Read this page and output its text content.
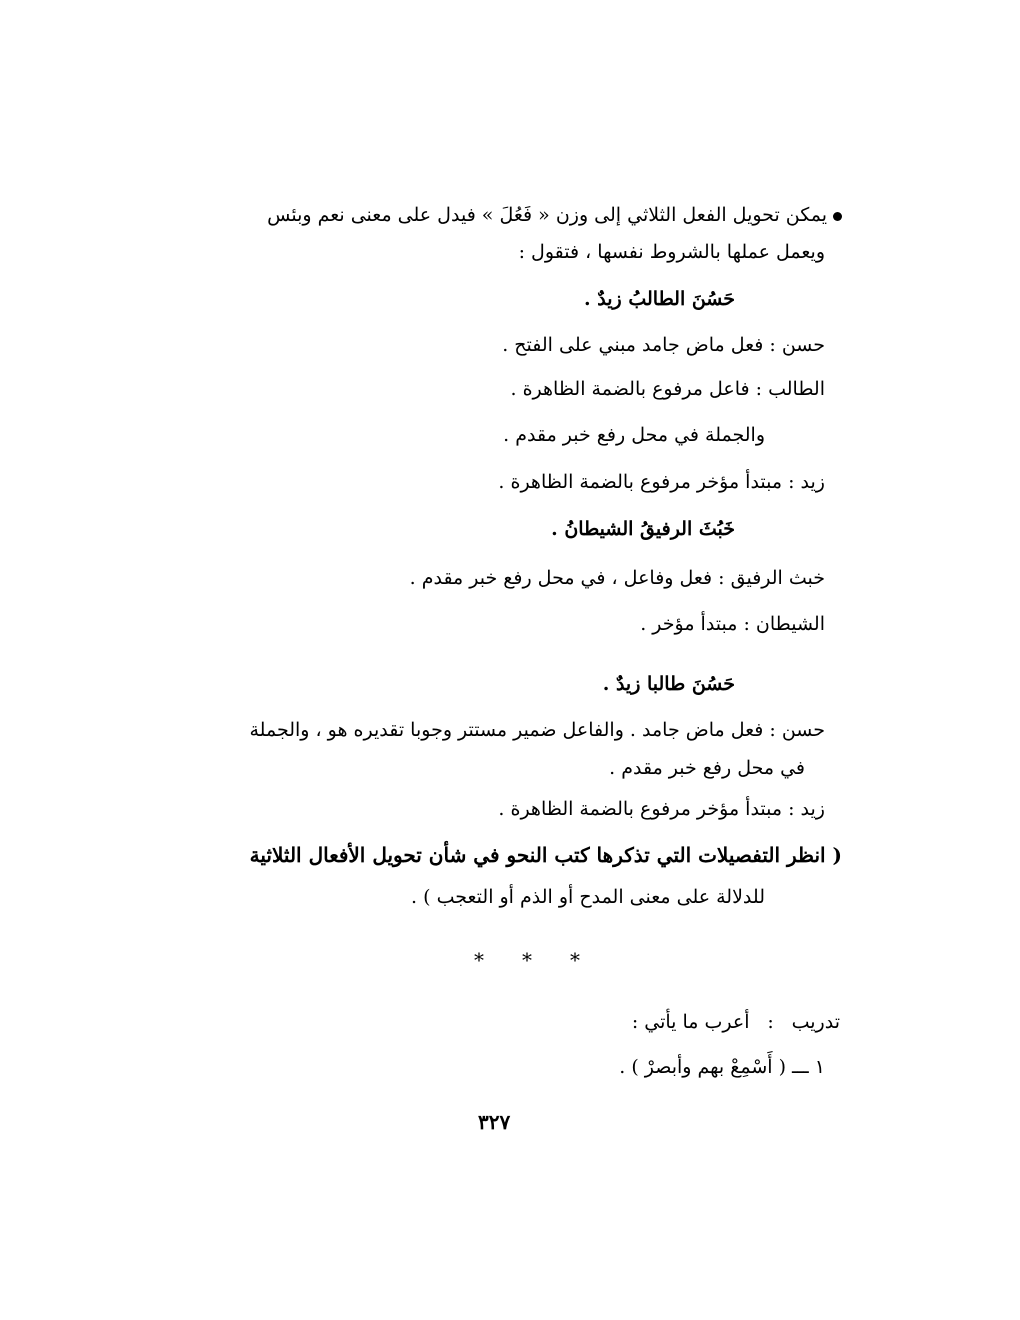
يمكن تحويل الفعل الثلاثي إلى وزن « فَعُلَ » فيدل على معنى نعم وبئس
ويعمل عملها بالشروط نفسها ، فتقول :
حَسُنَ الطالبُ زيدٌ .
حسن : فعل ماض جامد مبني على الفتح .
الطالب : فاعل مرفوع بالضمة الظاهرة .
والجملة في محل رفع خبر مقدم .
زيد : مبتدأ مؤخر مرفوع بالضمة الظاهرة .
خَبُثَ الرفيقُ الشيطانُ .
خبث الرفيق : فعل وفاعل ، في محل رفع خبر مقدم .
الشيطان : مبتدأ مؤخر .
حَسُنَ طالبا زيدٌ .
حسن : فعل ماض جامد . والفاعل ضمير مستتر وجوبا تقديره هو ، والجملة
في محل رفع خبر مقدم .
زيد : مبتدأ مؤخر مرفوع بالضمة الظاهرة .
( انظر التفصيلات التي تذكرها كتب النحو في شأن تحويل الأفعال الثلاثية
للدلالة على معنى المدح أو الذم أو التعجب ) .
* * *
تدريب : أعرب ما يأتي :
١ ـــ ( أَسْمِعْ بهم وأبصرْ ) .
٣٢٧
